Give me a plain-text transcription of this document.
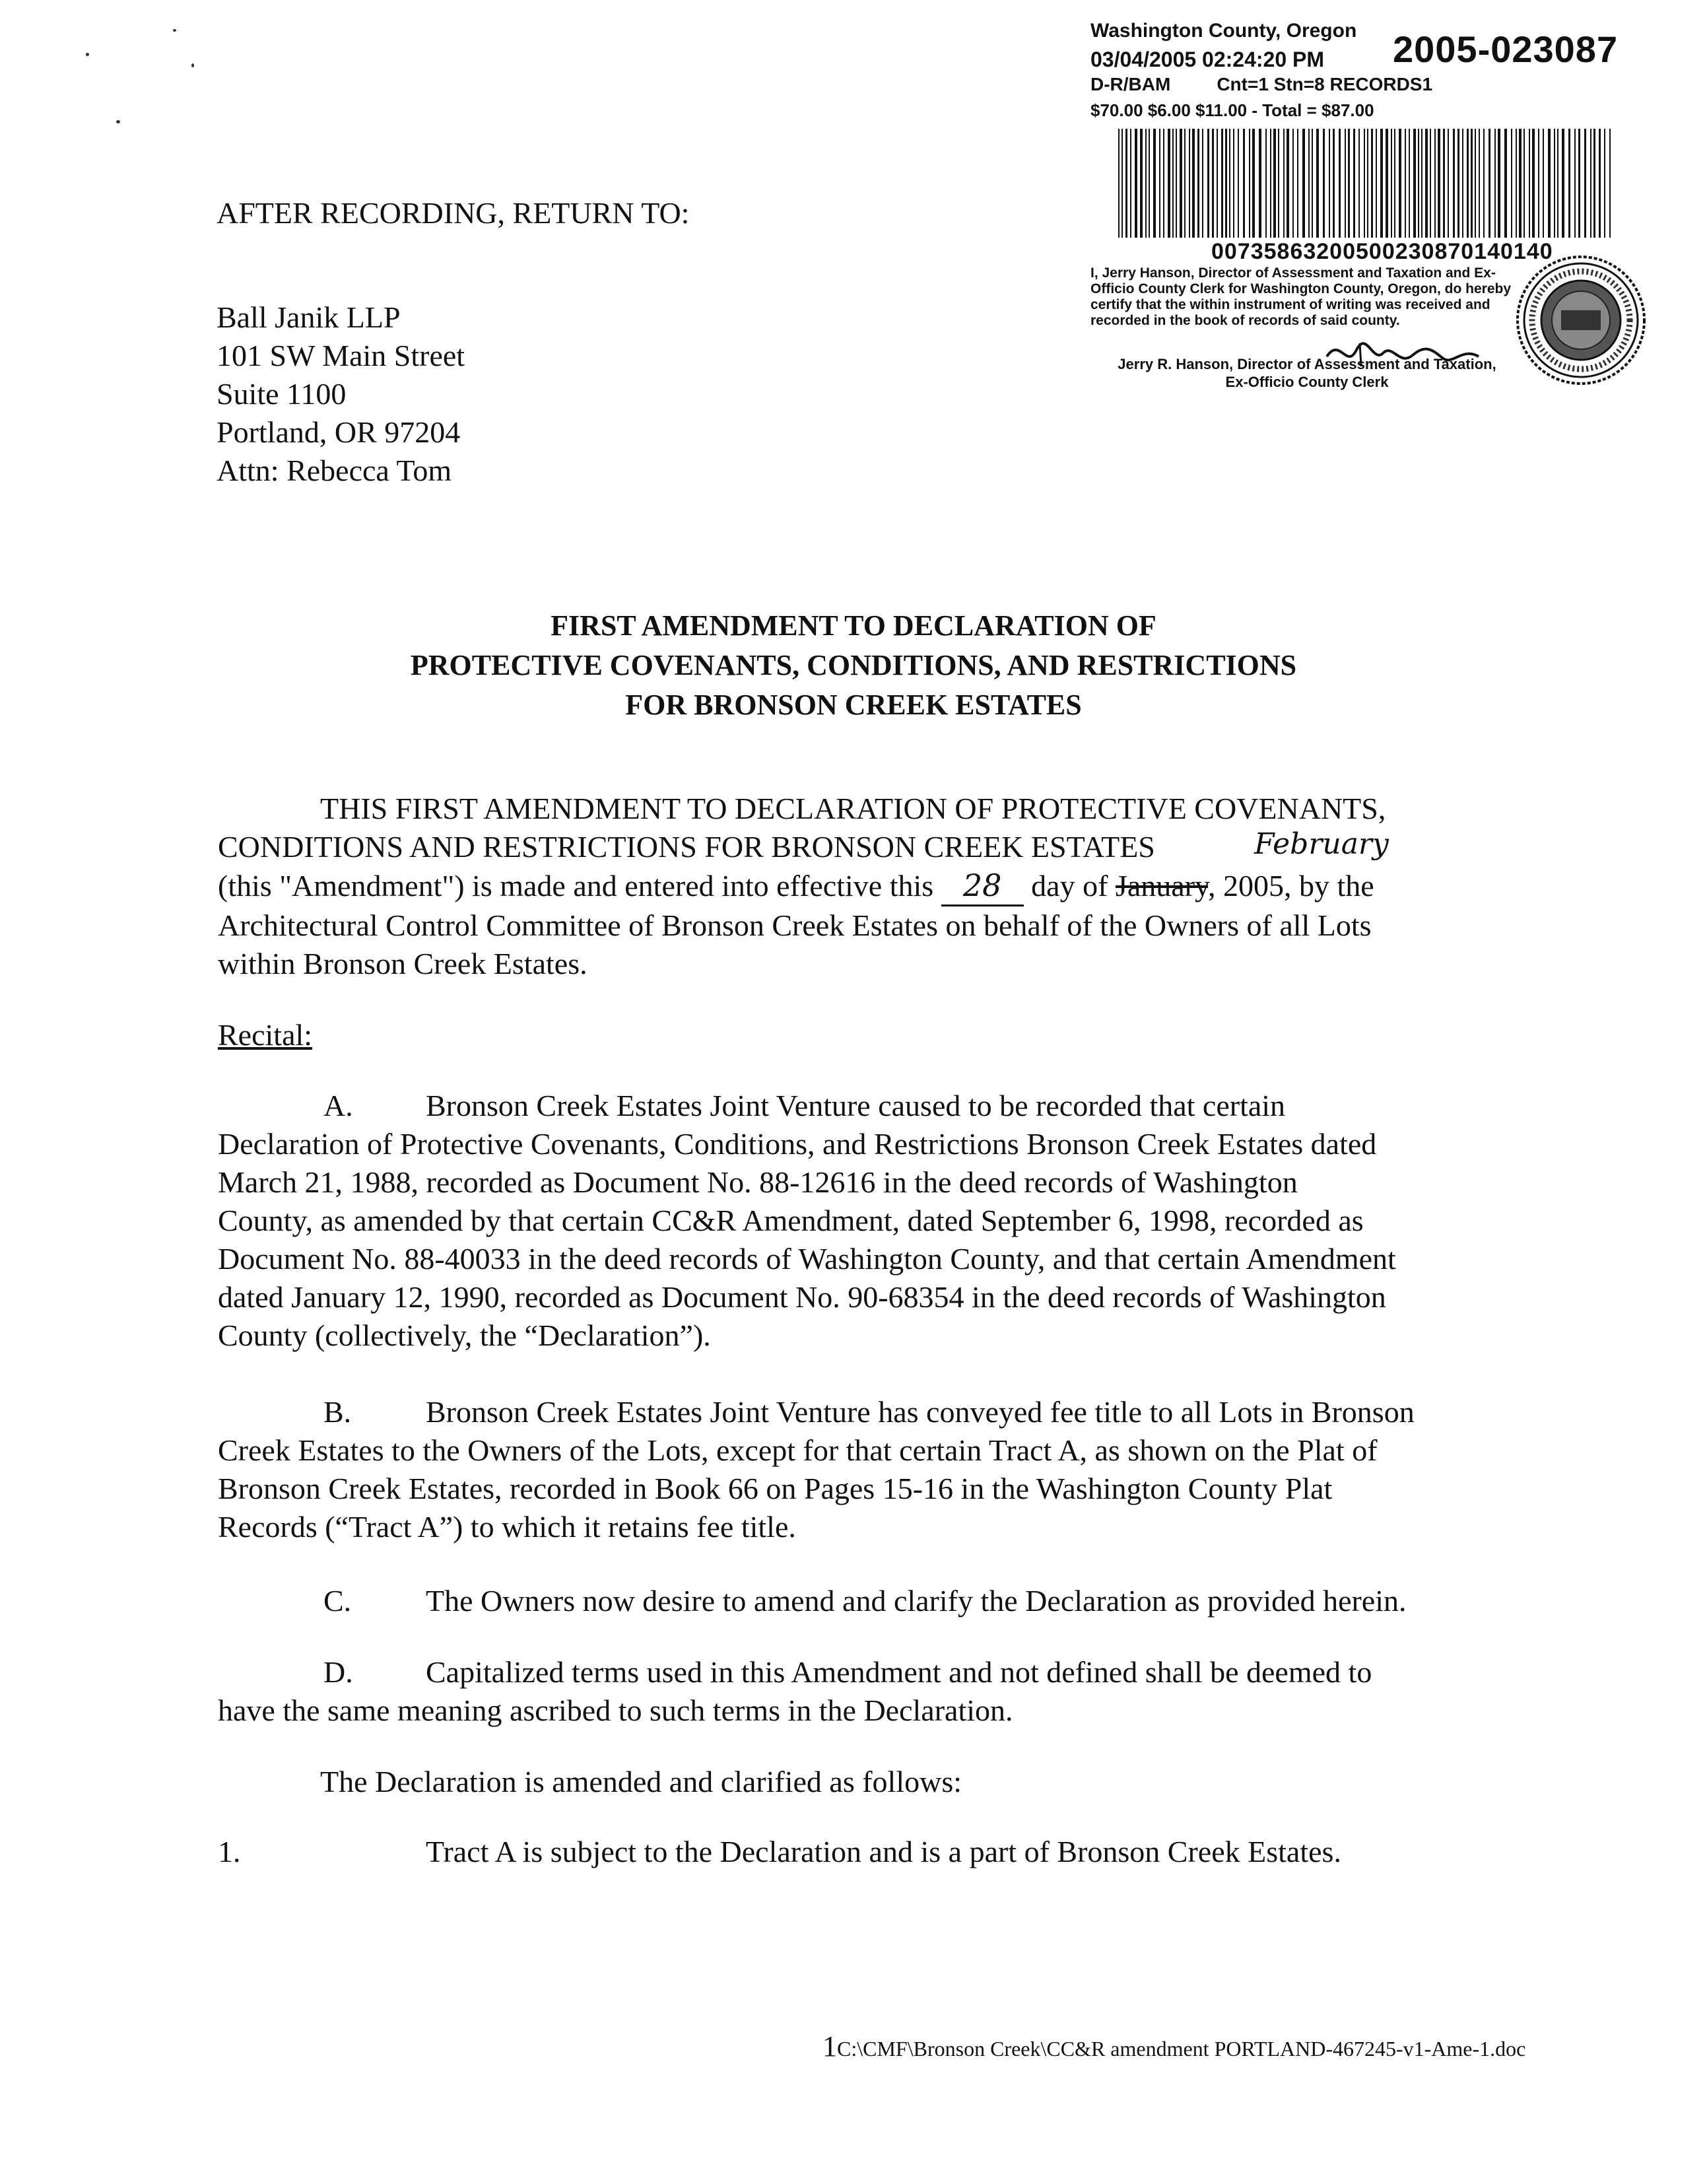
Washington County, Oregon
03/04/2005 02:24:20 PM 2005-023087
D-R/BAM	Cnt=1 Stn=8 RECORDS1
$70.00 $6.00 $11.00 - Total = $87.00
00735863200500230870140140
I, Jerry Hanson, Director of Assessment and Taxation and Ex-Officio County Clerk for Washington County, Oregon, do hereby certify that the within instrument of writing was received and recorded in the book of records of said county.
Jerry R. Hanson, Director of Assessment and Taxation,
Ex-Officio County Clerk
AFTER RECORDING, RETURN TO:
Ball Janik LLP
101 SW Main Street
Suite 1100
Portland, OR 97204
Attn: Rebecca Tom
FIRST AMENDMENT TO DECLARATION OF
PROTECTIVE COVENANTS, CONDITIONS, AND RESTRICTIONS
FOR BRONSON CREEK ESTATES
THIS FIRST AMENDMENT TO DECLARATION OF PROTECTIVE COVENANTS,
CONDITIONS AND RESTRICTIONS FOR BRONSON CREEK ESTATES	February
(this "Amendment") is made and entered into effective this 28 day of January, 2005, by the
Architectural Control Committee of Bronson Creek Estates on behalf of the Owners of all Lots
within Bronson Creek Estates.
Recital:
A. Bronson Creek Estates Joint Venture caused to be recorded that certain
Declaration of Protective Covenants, Conditions, and Restrictions Bronson Creek Estates dated
March 21, 1988, recorded as Document No. 88-12616 in the deed records of Washington
County, as amended by that certain CC&R Amendment, dated September 6, 1998, recorded as
Document No. 88-40033 in the deed records of Washington County, and that certain Amendment
dated January 12, 1990, recorded as Document No. 90-68354 in the deed records of Washington
County (collectively, the “Declaration”).
B. Bronson Creek Estates Joint Venture has conveyed fee title to all Lots in Bronson
Creek Estates to the Owners of the Lots, except for that certain Tract A, as shown on the Plat of
Bronson Creek Estates, recorded in Book 66 on Pages 15-16 in the Washington County Plat
Records (“Tract A”) to which it retains fee title.
C. The Owners now desire to amend and clarify the Declaration as provided herein.
D. Capitalized terms used in this Amendment and not defined shall be deemed to
have the same meaning ascribed to such terms in the Declaration.
The Declaration is amended and clarified as follows:
1.	Tract A is subject to the Declaration and is a part of Bronson Creek Estates.
1C:\CMF\Bronson Creek\CC&R amendment PORTLAND-467245-v1-Ame-1.doc
